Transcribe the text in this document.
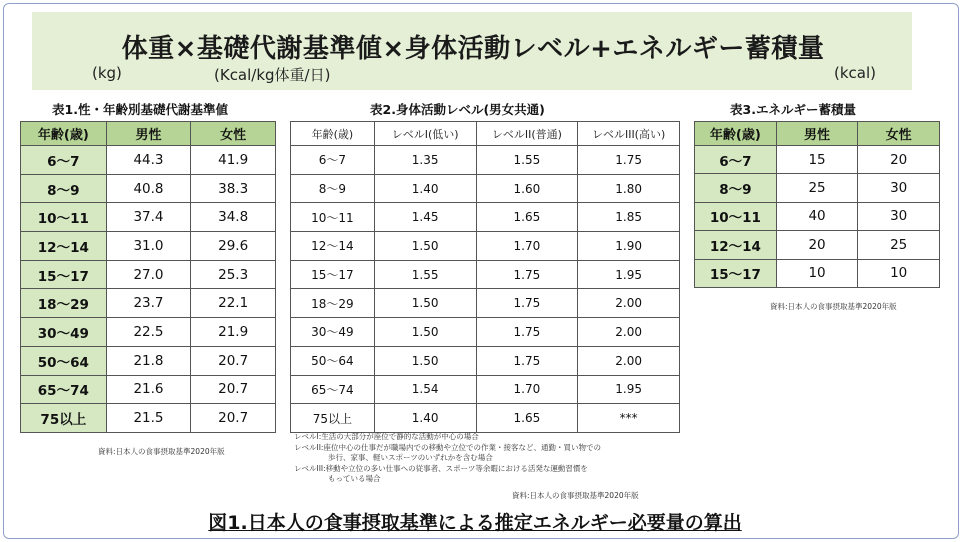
体重×基礎代謝基準値×身体活動レベル+エネルギー蓄積量
(kg)	(Kcal/kg体重/日)	(kcal)
表1.性・年齢別基礎代謝基準値
年齢(歳)	男性	女性
6〜7	44.3	41.9
8〜9	40.8	38.3
10〜11	37.4	34.8
12〜14	31.0	29.6
15〜17	27.0	25.3
18〜29	23.7	22.1
30〜49	22.5	21.9
50〜64	21.8	20.7
65〜74	21.6	20.7
75以上	21.5	20.7
資料:日本人の食事摂取基準2020年版
表2.身体活動レベル(男女共通)
年齢(歳)	レベルI(低い)	レベルII(普通)	レベルIII(高い)
6〜7	1.35	1.55	1.75
8〜9	1.40	1.60	1.80
10〜11	1.45	1.65	1.85
12〜14	1.50	1.70	1.90
15〜17	1.55	1.75	1.95
18〜29	1.50	1.75	2.00
30〜49	1.50	1.75	2.00
50〜64	1.50	1.75	2.00
65〜74	1.54	1.70	1.95
75以上	1.40	1.65	***
レベルI:生活の大部分が座位で静的な活動が中心の場合
レベルII:座位中心の仕事だが職場内での移動や立位での作業・接客など、通勤・買い物での
歩行、家事、軽いスポーツのいずれかを含む場合
レベルIII:移動や立位の多い仕事への従事者、スポーツ等余暇における活発な運動習慣を
もっている場合
資料:日本人の食事摂取基準2020年版
表3.エネルギー蓄積量
年齢(歳)	男性	女性
6〜7	15	20
8〜9	25	30
10〜11	40	30
12〜14	20	25
15〜17	10	10
資料:日本人の食事摂取基準2020年版
図1.日本人の食事摂取基準による推定エネルギー必要量の算出
